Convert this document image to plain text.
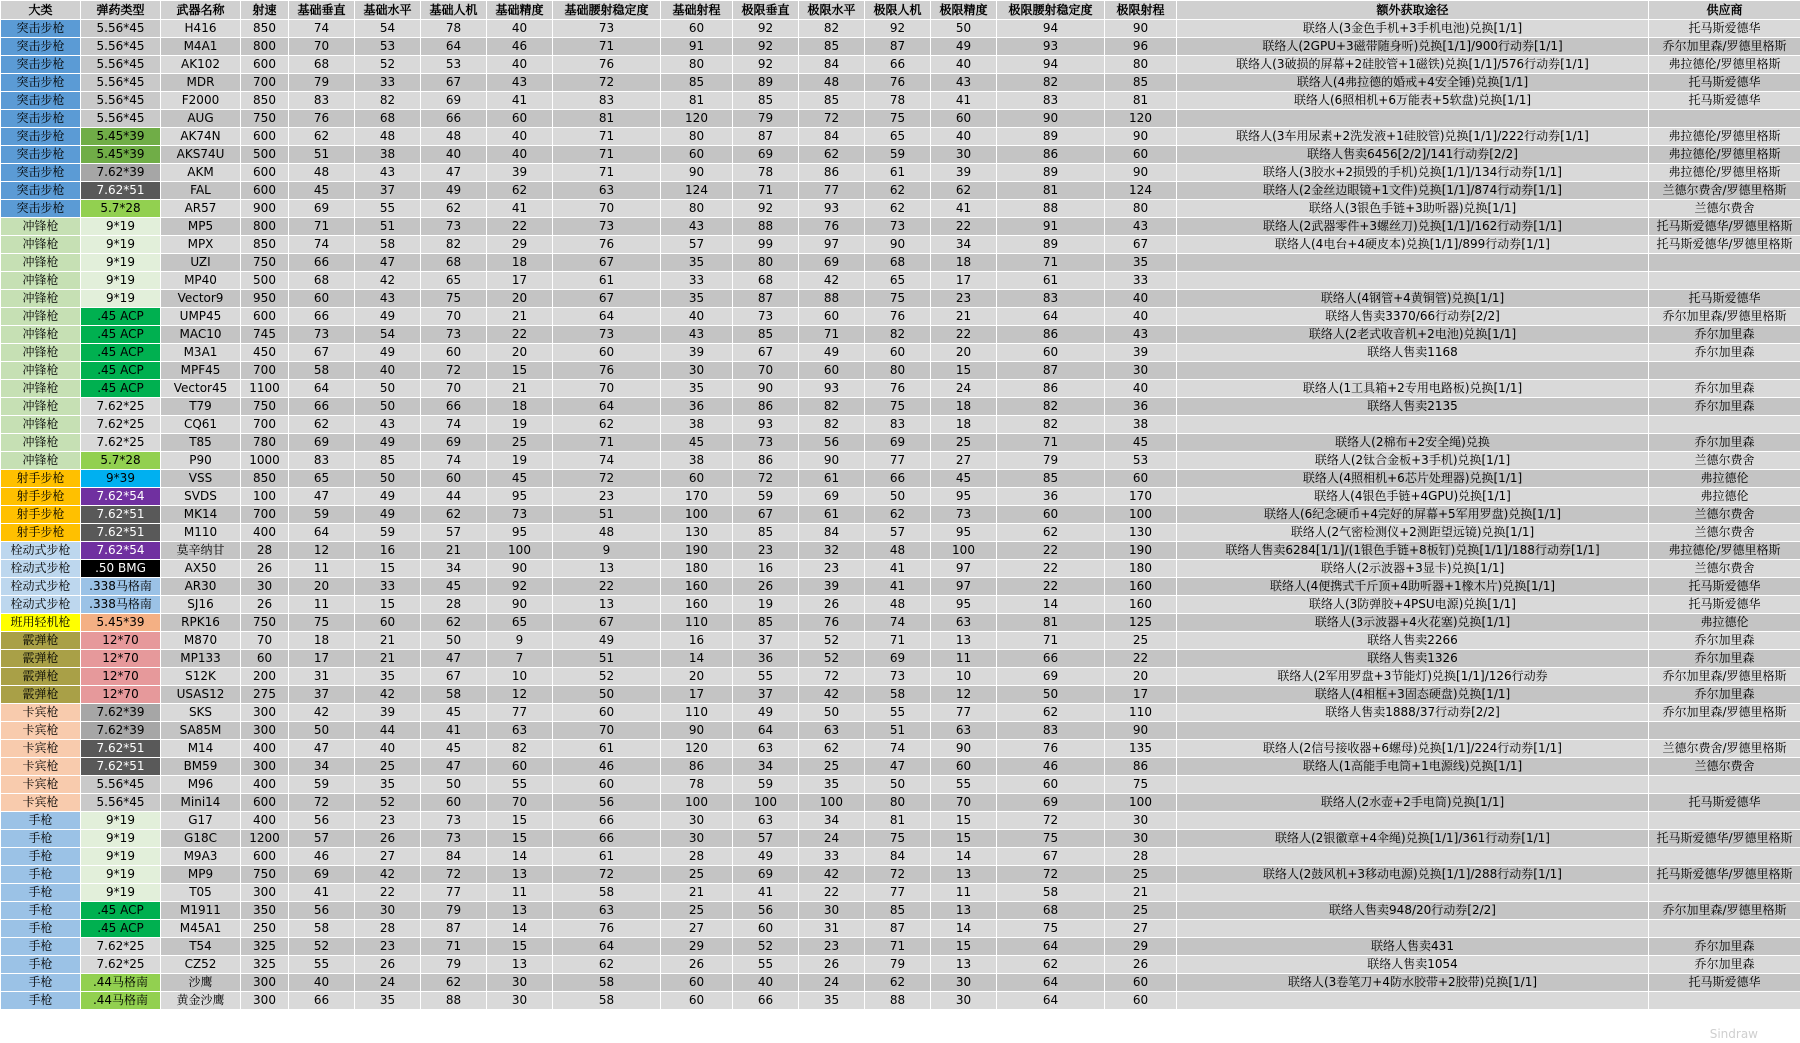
大类	弹药类型	武器名称	射速	基础垂直	基础水平	基础人机	基础精度	基础腰射稳定度	基础射程	极限垂直	极限水平	极限人机	极限精度	极限腰射稳定度	极限射程	额外获取途径	供应商
突击步枪	5.56*45	H416	850	74	54	78	40	73	60	92	82	92	50	94	90	联络人(3金色手机+3手机电池)兑换[1/1]	托马斯爱德华
突击步枪	5.56*45	M4A1	800	70	53	64	46	71	91	92	85	87	49	93	96	联络人(2GPU+3磁带随身听)兑换[1/1]/900行动券[1/1]	乔尔加里森/罗德里格斯
突击步枪	5.56*45	AK102	600	68	52	53	40	76	80	92	84	66	40	94	80	联络人(3破损的屏幕+2硅胶管+1磁铁)兑换[1/1]/576行动券[1/1]	弗拉德伦/罗德里格斯
突击步枪	5.56*45	MDR	700	79	33	67	43	72	85	89	48	76	43	82	85	联络人(4弗拉德的婚戒+4安全锤)兑换[1/1]	托马斯爱德华
突击步枪	5.56*45	F2000	850	83	82	69	41	83	81	85	85	78	41	83	81	联络人(6照相机+6万能表+5软盘)兑换[1/1]	托马斯爱德华
突击步枪	5.56*45	AUG	750	76	68	66	60	81	120	79	72	75	60	90	120		
突击步枪	5.45*39	AK74N	600	62	48	48	40	71	80	87	84	65	40	89	90	联络人(3车用尿素+2洗发液+1硅胶管)兑换[1/1]/222行动券[1/1]	弗拉德伦/罗德里格斯
突击步枪	5.45*39	AKS74U	500	51	38	40	40	71	60	69	62	59	30	86	60	联络人售卖6456[2/2]/141行动券[2/2]	弗拉德伦/罗德里格斯
突击步枪	7.62*39	AKM	600	48	43	47	39	71	90	78	86	61	39	89	90	联络人(3胶水+2损毁的手机)兑换[1/1]/134行动券[1/1]	弗拉德伦/罗德里格斯
突击步枪	7.62*51	FAL	600	45	37	49	62	63	124	71	77	62	62	81	124	联络人(2金丝边眼镜+1文件)兑换[1/1]/874行动券[1/1]	兰德尔费舍/罗德里格斯
突击步枪	5.7*28	AR57	900	69	55	62	41	70	80	92	93	62	41	88	80	联络人(3银色手链+3助听器)兑换[1/1]	兰德尔费舍
冲锋枪	9*19	MP5	800	71	51	73	22	73	43	88	76	73	22	91	43	联络人(2武器零件+3螺丝刀)兑换[1/1]/162行动券[1/1]	托马斯爱德华/罗德里格斯
冲锋枪	9*19	MPX	850	74	58	82	29	76	57	99	97	90	34	89	67	联络人(4电台+4硬皮本)兑换[1/1]/899行动券[1/1]	托马斯爱德华/罗德里格斯
冲锋枪	9*19	UZI	750	66	47	68	18	67	35	80	69	68	18	71	35		
冲锋枪	9*19	MP40	500	68	42	65	17	61	33	68	42	65	17	61	33		
冲锋枪	9*19	Vector9	950	60	43	75	20	67	35	87	88	75	23	83	40	联络人(4钢管+4黄铜管)兑换[1/1]	托马斯爱德华
冲锋枪	.45 ACP	UMP45	600	66	49	70	21	64	40	73	60	76	21	64	40	联络人售卖3370/66行动券[2/2]	乔尔加里森/罗德里格斯
冲锋枪	.45 ACP	MAC10	745	73	54	73	22	73	43	85	71	82	22	86	43	联络人(2老式收音机+2电池)兑换[1/1]	乔尔加里森
冲锋枪	.45 ACP	M3A1	450	67	49	60	20	60	39	67	49	60	20	60	39	联络人售卖1168	乔尔加里森
冲锋枪	.45 ACP	MPF45	700	58	40	72	15	76	30	70	60	80	15	87	30		
冲锋枪	.45 ACP	Vector45	1100	64	50	70	21	70	35	90	93	76	24	86	40	联络人(1工具箱+2专用电路板)兑换[1/1]	乔尔加里森
冲锋枪	7.62*25	T79	750	66	50	66	18	64	36	86	82	75	18	82	36	联络人售卖2135	乔尔加里森
冲锋枪	7.62*25	CQ61	700	62	43	74	19	62	38	93	82	83	18	82	38		
冲锋枪	7.62*25	T85	780	69	49	69	25	71	45	73	56	69	25	71	45	联络人(2棉布+2安全绳)兑换	乔尔加里森
冲锋枪	5.7*28	P90	1000	83	85	74	19	74	38	86	90	77	27	79	53	联络人(2钛合金板+3手机)兑换[1/1]	兰德尔费舍
射手步枪	9*39	VSS	850	65	50	60	45	72	60	72	61	66	45	85	60	联络人(4照相机+6芯片处理器)兑换[1/1]	弗拉德伦
射手步枪	7.62*54	SVDS	100	47	49	44	95	23	170	59	69	50	95	36	170	联络人(4银色手链+4GPU)兑换[1/1]	弗拉德伦
射手步枪	7.62*51	MK14	700	59	49	62	73	51	100	67	61	62	73	60	100	联络人(6纪念硬币+4完好的屏幕+5军用罗盘)兑换[1/1]	兰德尔费舍
射手步枪	7.62*51	M110	400	64	59	57	95	48	130	85	84	57	95	62	130	联络人(2气密检测仪+2测距望远镜)兑换[1/1]	兰德尔费舍
栓动式步枪	7.62*54	莫辛纳甘	28	12	16	21	100	9	190	23	32	48	100	22	190	联络人售卖6284[1/1]/(1银色手链+8板钉)兑换[1/1]/188行动券[1/1]	弗拉德伦/罗德里格斯
栓动式步枪	.50 BMG	AX50	26	11	15	34	90	13	180	16	23	41	97	22	180	联络人(2示波器+3显卡)兑换[1/1]	兰德尔费舍
栓动式步枪	.338马格南	AR30	30	20	33	45	92	22	160	26	39	41	97	22	160	联络人(4便携式千斤顶+4助听器+1橡木片)兑换[1/1]	托马斯爱德华
栓动式步枪	.338马格南	SJ16	26	11	15	28	90	13	160	19	26	48	95	14	160	联络人(3防弹胶+4PSU电源)兑换[1/1]	托马斯爱德华
班用轻机枪	5.45*39	RPK16	750	75	60	62	65	67	110	85	76	74	63	81	125	联络人(3示波器+4火花塞)兑换[1/1]	弗拉德伦
霰弹枪	12*70	M870	70	18	21	50	9	49	16	37	52	71	13	71	25	联络人售卖2266	乔尔加里森
霰弹枪	12*70	MP133	60	17	21	47	7	51	14	36	52	69	11	66	22	联络人售卖1326	乔尔加里森
霰弹枪	12*70	S12K	200	31	35	67	10	52	20	55	72	73	10	69	20	联络人(2军用罗盘+3节能灯)兑换[1/1]/126行动券	乔尔加里森/罗德里格斯
霰弹枪	12*70	USAS12	275	37	42	58	12	50	17	37	42	58	12	50	17	联络人(4相框+3固态硬盘)兑换[1/1]	乔尔加里森
卡宾枪	7.62*39	SKS	300	42	39	45	77	60	110	49	50	55	77	62	110	联络人售卖1888/37行动券[2/2]	乔尔加里森/罗德里格斯
卡宾枪	7.62*39	SA85M	300	50	44	41	63	70	90	64	63	51	63	83	90		
卡宾枪	7.62*51	M14	400	47	40	45	82	61	120	63	62	74	90	76	135	联络人(2信号接收器+6螺母)兑换[1/1]/224行动券[1/1]	兰德尔费舍/罗德里格斯
卡宾枪	7.62*51	BM59	300	34	25	47	60	46	86	34	25	47	60	46	86	联络人(1高能手电筒+1电源线)兑换[1/1]	兰德尔费舍
卡宾枪	5.56*45	M96	400	59	35	50	55	60	78	59	35	50	55	60	75		
卡宾枪	5.56*45	Mini14	600	72	52	60	70	56	100	100	100	80	70	69	100	联络人(2水壶+2手电筒)兑换[1/1]	托马斯爱德华
手枪	9*19	G17	400	56	23	73	15	66	30	63	34	81	15	72	30		
手枪	9*19	G18C	1200	57	26	73	15	66	30	57	24	75	15	75	30	联络人(2银徽章+4伞绳)兑换[1/1]/361行动券[1/1]	托马斯爱德华/罗德里格斯
手枪	9*19	M9A3	600	46	27	84	14	61	28	49	33	84	14	67	28		
手枪	9*19	MP9	750	69	42	72	13	72	25	69	42	72	13	72	25	联络人(2鼓风机+3移动电源)兑换[1/1]/288行动券[1/1]	托马斯爱德华/罗德里格斯
手枪	9*19	T05	300	41	22	77	11	58	21	41	22	77	11	58	21		
手枪	.45 ACP	M1911	350	56	30	79	13	63	25	56	30	85	13	68	25	联络人售卖948/20行动券[2/2]	乔尔加里森/罗德里格斯
手枪	.45 ACP	M45A1	250	58	28	87	14	76	27	60	31	87	14	75	27		
手枪	7.62*25	T54	325	52	23	71	15	64	29	52	23	71	15	64	29	联络人售卖431	乔尔加里森
手枪	7.62*25	CZ52	325	55	26	79	13	62	26	55	26	79	13	62	26	联络人售卖1054	乔尔加里森
手枪	.44马格南	沙鹰	300	40	24	62	30	58	60	40	24	62	30	64	60	联络人(3卷笔刀+4防水胶带+2胶带)兑换[1/1]	托马斯爱德华
手枪	.44马格南	黄金沙鹰	300	66	35	88	30	58	60	66	35	88	30	64	60		
Sindraw
